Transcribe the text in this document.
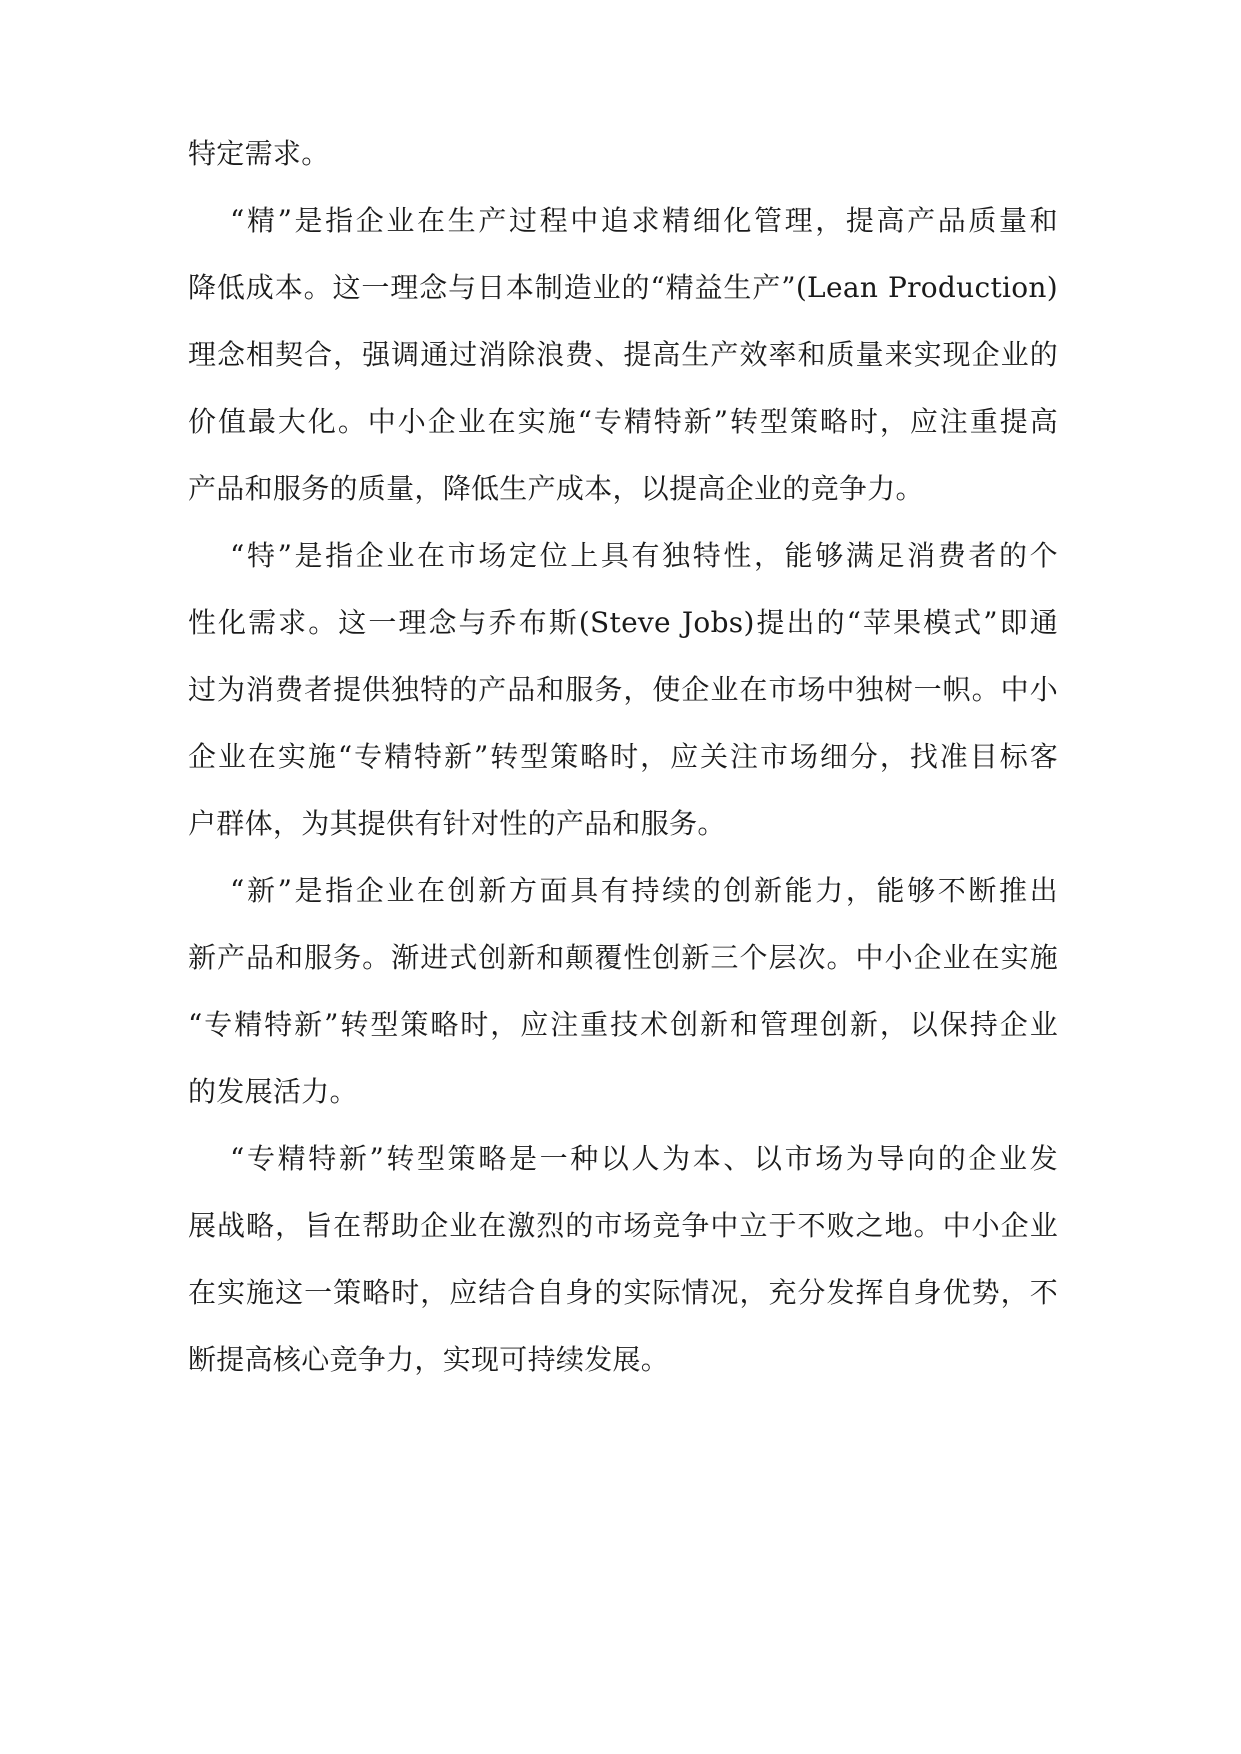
特定需求。
“精”是指企业在生产过程中追求精细化管理，提高产品质量和
降低成本。这一理念与日本制造业的“精益生产”(Lean Production)
理念相契合，强调通过消除浪费、提高生产效率和质量来实现企业的
价值最大化。中小企业在实施“专精特新”转型策略时，应注重提高
产品和服务的质量，降低生产成本，以提高企业的竞争力。
“特”是指企业在市场定位上具有独特性，能够满足消费者的个
性化需求。这一理念与乔布斯(Steve Jobs)提出的“苹果模式”即通
过为消费者提供独特的产品和服务，使企业在市场中独树一帜。中小
企业在实施“专精特新”转型策略时，应关注市场细分，找准目标客
户群体，为其提供有针对性的产品和服务。
“新”是指企业在创新方面具有持续的创新能力，能够不断推出
新产品和服务。渐进式创新和颠覆性创新三个层次。中小企业在实施
“专精特新”转型策略时，应注重技术创新和管理创新，以保持企业
的发展活力。
“专精特新”转型策略是一种以人为本、以市场为导向的企业发
展战略，旨在帮助企业在激烈的市场竞争中立于不败之地。中小企业
在实施这一策略时，应结合自身的实际情况，充分发挥自身优势，不
断提高核心竞争力，实现可持续发展。
